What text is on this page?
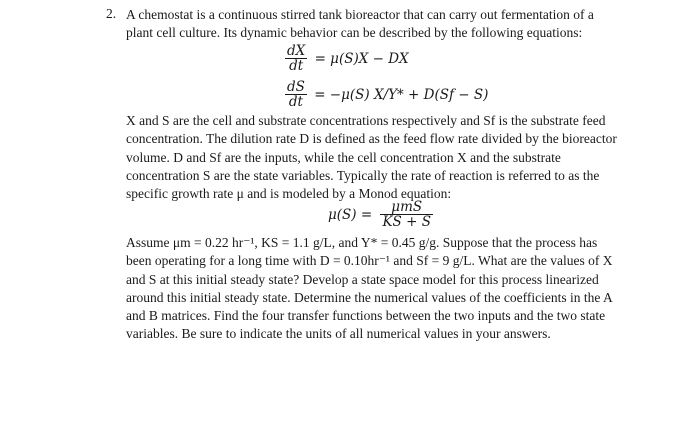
2. A chemostat is a continuous stirred tank bioreactor that can carry out fermentation of a
plant cell culture. Its dynamic behavior can be described by the following equations:
$\frac{dX}{dt} = \mu(S)X$ − DX
$\frac{dS}{dt} = -\mu(S) X/Y* + D(Sf - S)$
X and S are the cell and substrate concentrations respectively and Sf is the substrate feed concentration. The dilution rate D is defined as the feed flow rate divided by the bioreactor volume. D and Sf are the inputs, while the cell concentration X and the substrate concentration S are the state variables. Typically the rate of reaction is referred to as the specific growth rate μ and is modeled by a Monod equation:
$\mu(S) = \frac{\text{μmS}}{KS + S}$
Assume μm = 0.22 hr⁻¹, KS = 1.1 g/L, and Y* = 0.45 g/g. Suppose that the process has been operating for a long time with D = 0.10hr⁻¹ and Sf = 9 g/L. What are the values of X and S at this initial steady state? Develop a state space model for this process linearized around this initial steady state. Determine the numerical values of the coefficients in the A and B matrices. Find the four transfer functions between the two inputs and the two state variables. Be sure to indicate the units of all numerical values in your answers.
